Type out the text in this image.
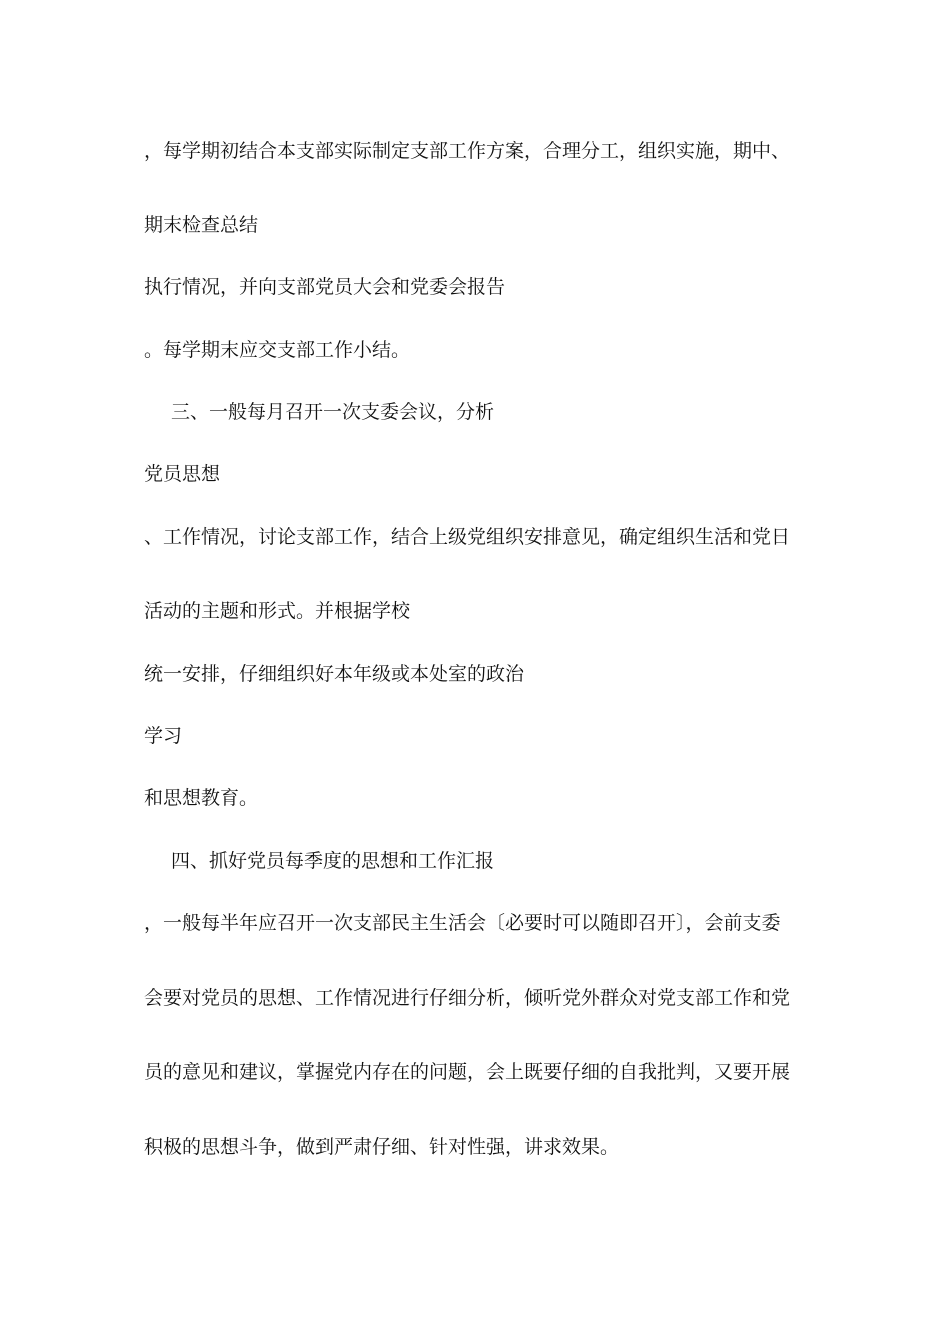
，每学期初结合本支部实际制定支部工作方案，合理分工，组织实施，期中、

期末检查总结

执行情况，并向支部党员大会和党委会报告

。每学期末应交支部工作小结。

三、一般每月召开一次支委会议，分析

党员思想

、工作情况，讨论支部工作，结合上级党组织安排意见，确定组织生活和党日

活动的主题和形式。并根据学校

统一安排，仔细组织好本年级或本处室的政治

学习

和思想教育。

四、抓好党员每季度的思想和工作汇报

，一般每半年应召开一次支部民主生活会〔必要时可以随即召开〕，会前支委

会要对党员的思想、工作情况进行仔细分析，倾听党外群众对党支部工作和党

员的意见和建议，掌握党内存在的问题，会上既要仔细的自我批判，又要开展

积极的思想斗争，做到严肃仔细、针对性强，讲求效果。
